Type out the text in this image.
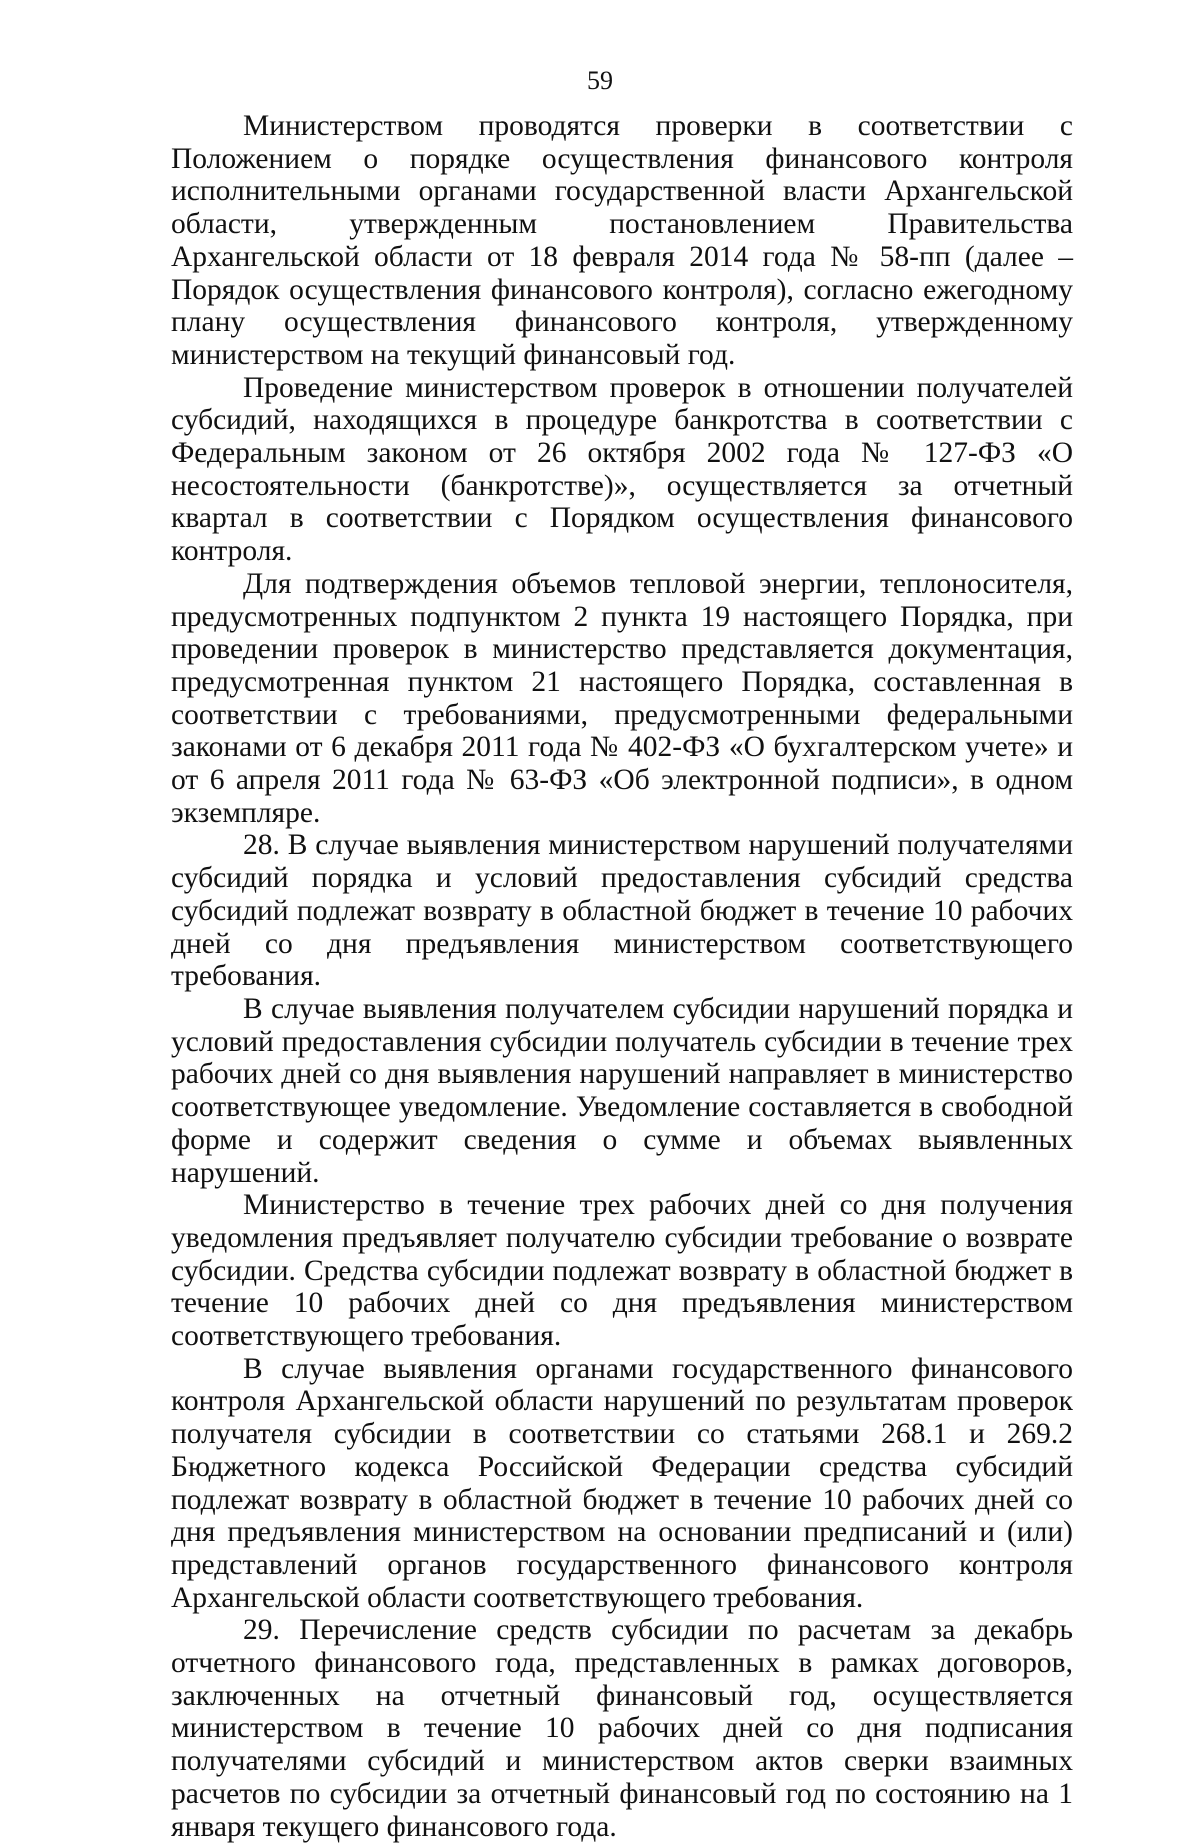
59

Министерством проводятся проверки в соответствии с Положением о порядке осуществления финансового контроля исполнительными органами государственной власти Архангельской области, утвержденным постановлением Правительства Архангельской области от 18 февраля 2014 года № 58-пп (далее – Порядок осуществления финансового контроля), согласно ежегодному плану осуществления финансового контроля, утвержденному министерством на текущий финансовый год.

Проведение министерством проверок в отношении получателей субсидий, находящихся в процедуре банкротства в соответствии с Федеральным законом от 26 октября 2002 года № 127-ФЗ «О несостоятельности (банкротстве)», осуществляется за отчетный квартал в соответствии с Порядком осуществления финансового контроля.

Для подтверждения объемов тепловой энергии, теплоносителя, предусмотренных подпунктом 2 пункта 19 настоящего Порядка, при проведении проверок в министерство представляется документация, предусмотренная пунктом 21 настоящего Порядка, составленная в соответствии с требованиями, предусмотренными федеральными законами от 6 декабря 2011 года № 402-ФЗ «О бухгалтерском учете» и от 6 апреля 2011 года № 63-ФЗ «Об электронной подписи», в одном экземпляре.

28. В случае выявления министерством нарушений получателями субсидий порядка и условий предоставления субсидий средства субсидий подлежат возврату в областной бюджет в течение 10 рабочих дней со дня предъявления министерством соответствующего требования.

В случае выявления получателем субсидии нарушений порядка и условий предоставления субсидии получатель субсидии в течение трех рабочих дней со дня выявления нарушений направляет в министерство соответствующее уведомление. Уведомление составляется в свободной форме и содержит сведения о сумме и объемах выявленных нарушений.

Министерство в течение трех рабочих дней со дня получения уведомления предъявляет получателю субсидии требование о возврате субсидии. Средства субсидии подлежат возврату в областной бюджет в течение 10 рабочих дней со дня предъявления министерством соответствующего требования.

В случае выявления органами государственного финансового контроля Архангельской области нарушений по результатам проверок получателя субсидии в соответствии со статьями 268.1 и 269.2 Бюджетного кодекса Российской Федерации средства субсидий подлежат возврату в областной бюджет в течение 10 рабочих дней со дня предъявления министерством на основании предписаний и (или) представлений органов государственного финансового контроля Архангельской области соответствующего требования.

29. Перечисление средств субсидии по расчетам за декабрь отчетного финансового года, представленных в рамках договоров, заключенных на отчетный финансовый год, осуществляется министерством в течение 10 рабочих дней со дня подписания получателями субсидий и министерством актов сверки взаимных расчетов по субсидии за отчетный финансовый год по состоянию на 1 января текущего финансового года.
